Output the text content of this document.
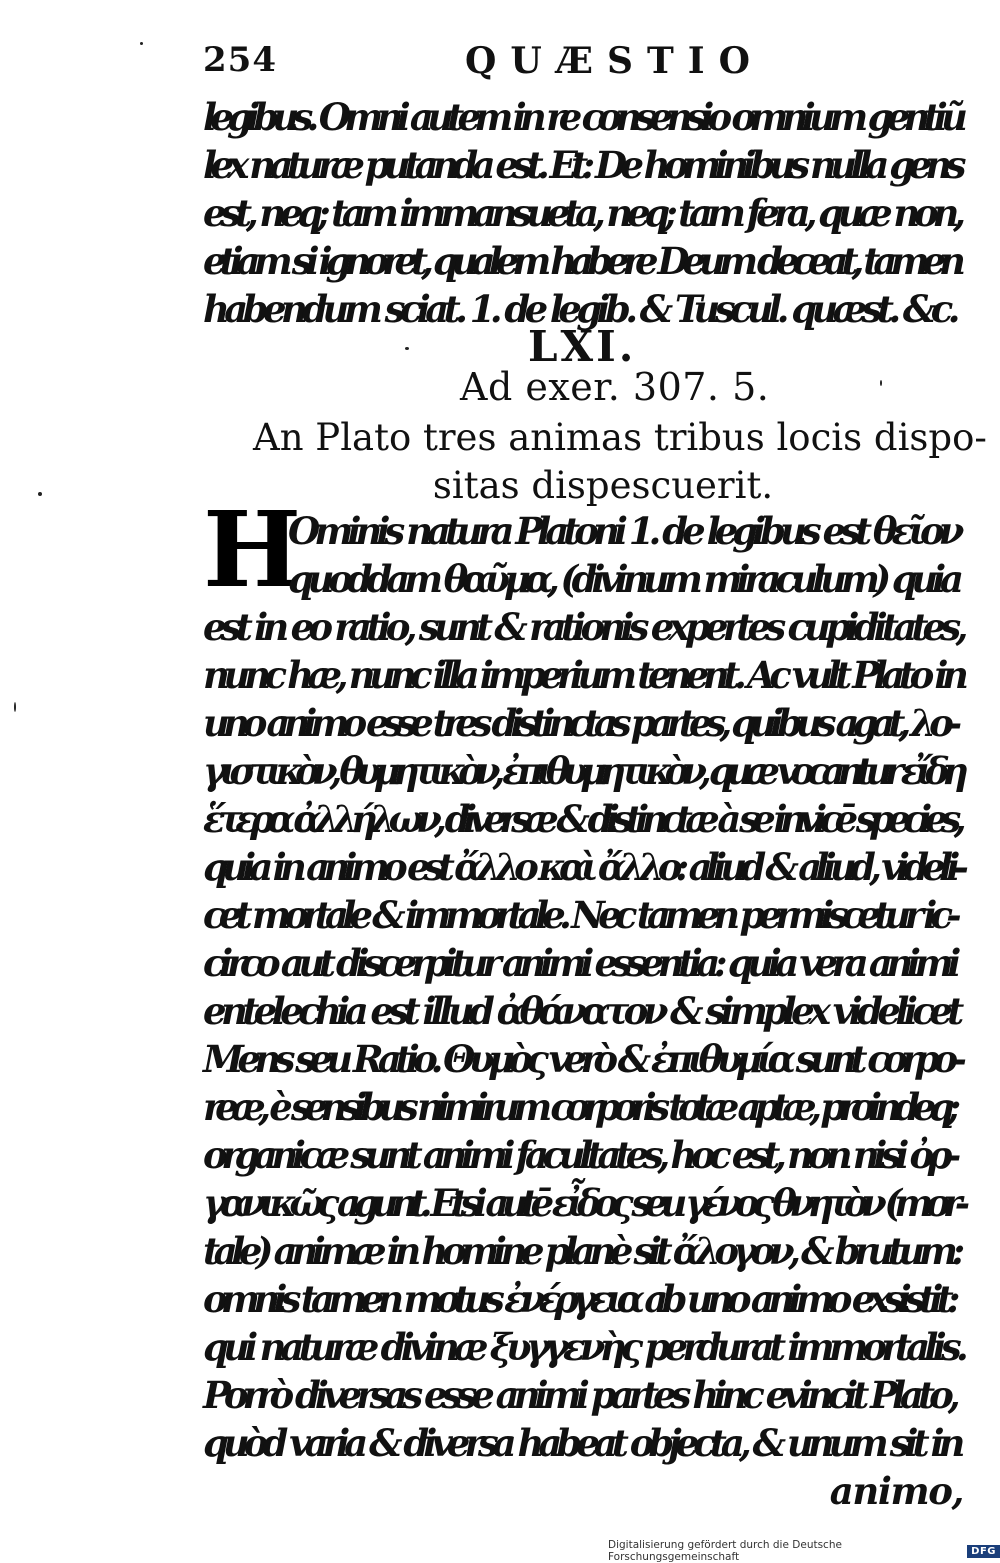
254	QUÆSTIO
legibus. Omni autem in re consensio omnium gentiũ
lex naturæ putanda est. Et: De hominibus nulla gens
est, neq; tam immansueta, neq; tam fera, quæ non,
etiam si ignoret, qualem habere Deum deceat, tamen
habendum sciat. 1. de legib. & Tuscul. quæst. &c.
LXI.
Ad exer. 307. 5.
An Plato tres animas tribus locis dispo-
sitas dispescuerit.
H
Ominis natura Platoni 1. de legibus est θεῖον
quoddam θαῦμα, (divinum miraculum) quia
est in eo ratio, sunt & rationis expertes cupiditates,
nunc hæ, nunc illa imperium tenent. Ac vult Plato in
uno animo esse tres distinctas partes, quibus agat, λο-
γιστικὸν, θυμητικὸν, ἐπιθυμητικὸν, quæ vocantur εἴδη
ἕτερα ἀλλήλων, diversæ & distinctæ à se invicē species,
quia in animo est ἄλλο καὶ ἄλλο: aliud & aliud, videli-
cet mortale & immortale. Nec tamen permiscetur ic-
circo aut discerpitur animi essentia: quia vera animi
entelechia est illud ἀθάνατον & simplex videlicet
Mens seu Ratio. Θυμὸς verò & ἐπιθυμία sunt corpo-
reæ, è sensibus nimirum corporis totæ aptæ, proindeq;
organicæ sunt animi facultates, hoc est, non nisi ὀρ-
γανικῶς agunt. Etsi autē εἶδος seu γένος θνητὸν (mor-
tale) animæ in homine planè sit ἄλογον, & brutum:
omnis tamen motus ἐνέργεια ab uno animo exsistit:
qui naturæ divinæ ξυγγενὴς perdurat immortalis.
Porrò diversas esse animi partes hinc evincit Plato,
quòd varia & diversa habeat objecta, & unum sit in
animo,
Digitalisierung gefördert durch die Deutsche Forschungsgemeinschaft	DFG
